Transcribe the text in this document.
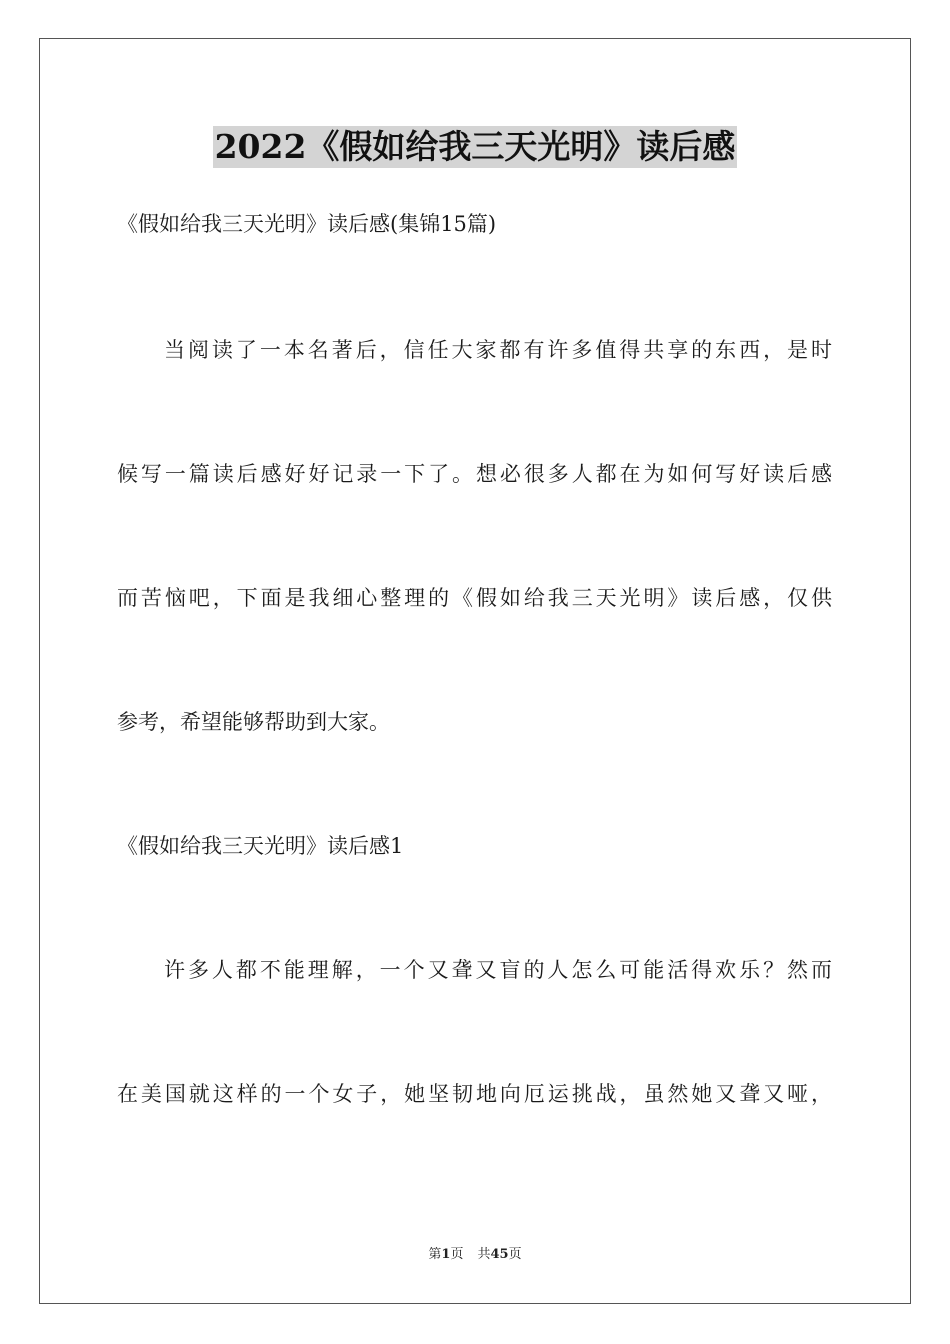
2022《假如给我三天光明》读后感
《假如给我三天光明》读后感(集锦15篇)
当阅读了一本名著后，信任大家都有许多值得共享的东西，是时
候写一篇读后感好好记录一下了。想必很多人都在为如何写好读后感
而苦恼吧，下面是我细心整理的《假如给我三天光明》读后感，仅供
参考，希望能够帮助到大家。
《假如给我三天光明》读后感1
许多人都不能理解，一个又聋又盲的人怎么可能活得欢乐？然而
在美国就这样的一个女子，她坚韧地向厄运挑战，虽然她又聋又哑，
第1页 共45页
